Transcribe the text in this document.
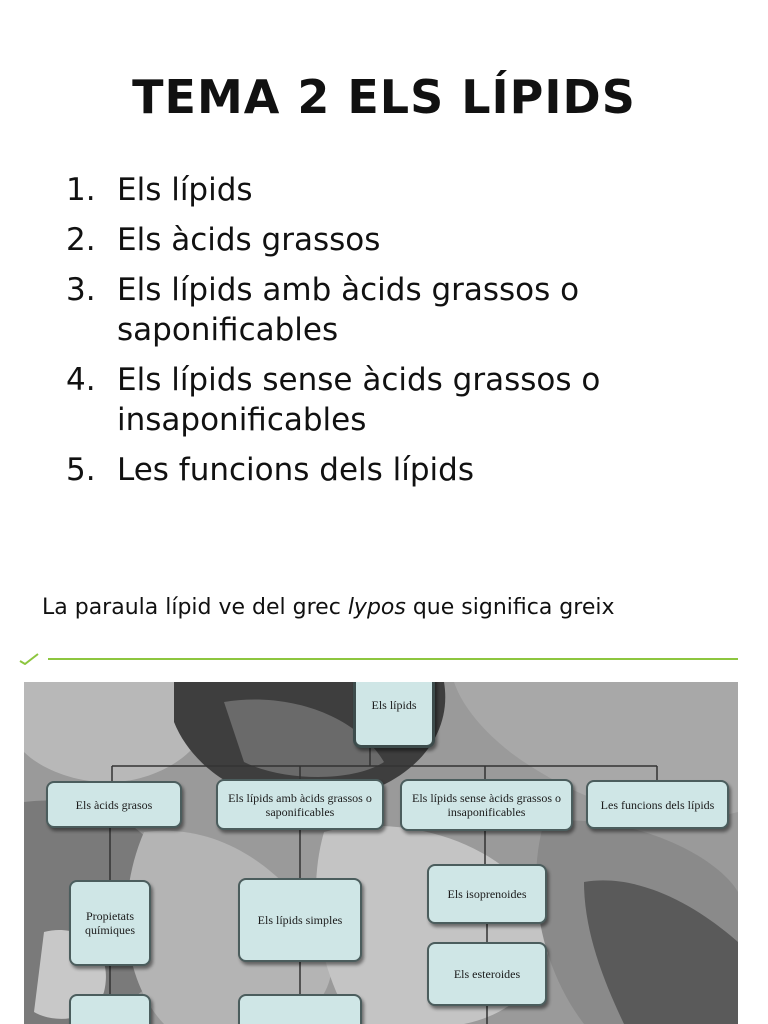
TEMA 2 ELS LÍPIDS
1. Els lípids
2. Els àcids grassos
3. Els lípids amb àcids grassos o saponificables
4. Els lípids sense àcids grassos o insaponificables
5. Les funcions dels lípids

La paraula lípid ve del grec lypos que significa greix

Els lípids
Els àcids grasos	Els lípids amb àcids grassos o saponificables
Els lípids sense àcids grassos o insaponificables
Les funcions dels lípids
Propietats químiques
Els lípids simples
Els isoprenoides
Els esteroides
